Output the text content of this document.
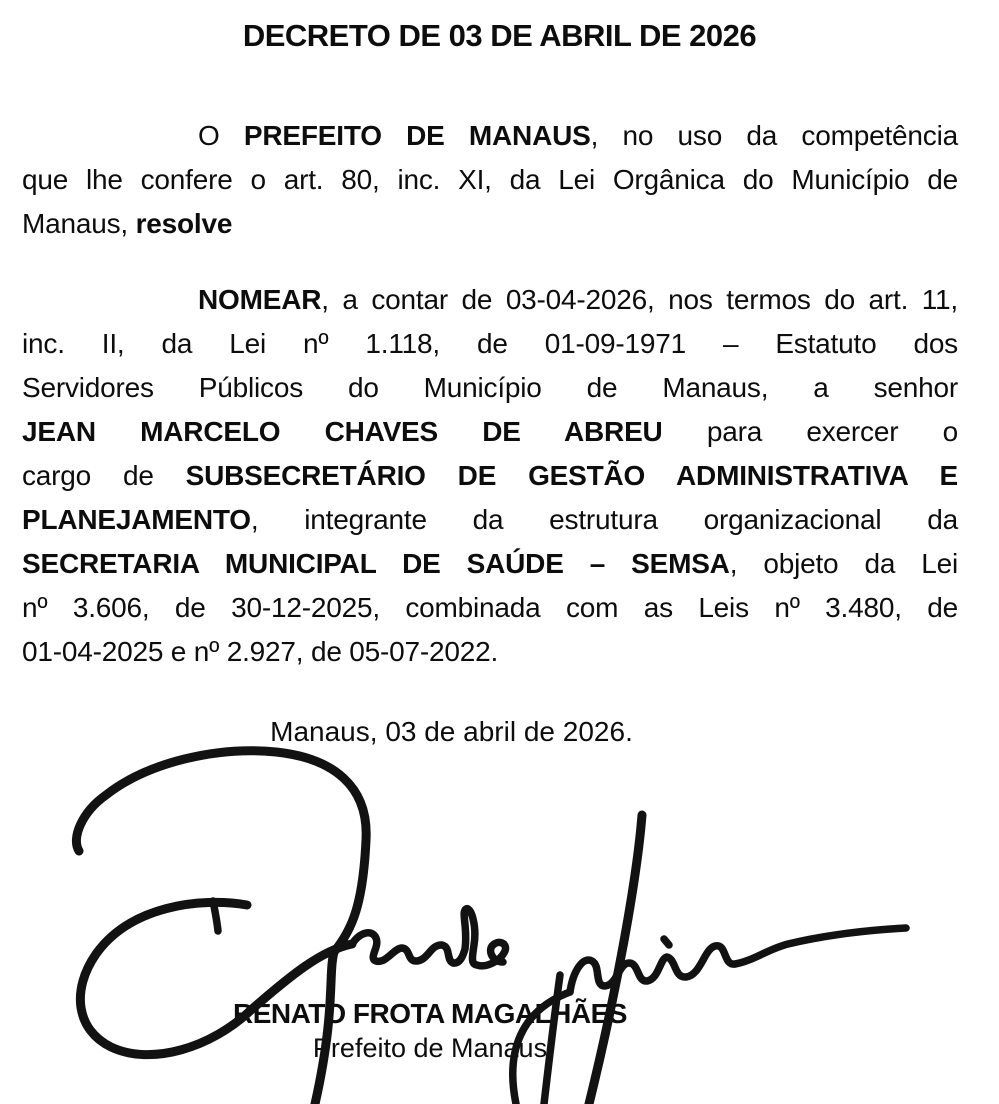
DECRETO DE 03 DE ABRIL DE 2026
O PREFEITO DE MANAUS, no uso da competência
que lhe confere o art. 80, inc. XI, da Lei Orgânica do Município de
Manaus, resolve
NOMEAR, a contar de 03-04-2026, nos termos do art. 11,
inc. II, da Lei nº 1.118, de 01-09-1971 – Estatuto dos
Servidores Públicos do Município de Manaus, a senhor
JEAN MARCELO CHAVES DE ABREU para exercer o
cargo de SUBSECRETÁRIO DE GESTÃO ADMINISTRATIVA E
PLANEJAMENTO, integrante da estrutura organizacional da
SECRETARIA MUNICIPAL DE SAÚDE – SEMSA, objeto da Lei
nº 3.606, de 30-12-2025, combinada com as Leis nº 3.480, de
01-04-2025 e nº 2.927, de 05-07-2022.

Manaus, 03 de abril de 2026.

RENATO FROTA MAGALHÃES
Prefeito de Manaus
